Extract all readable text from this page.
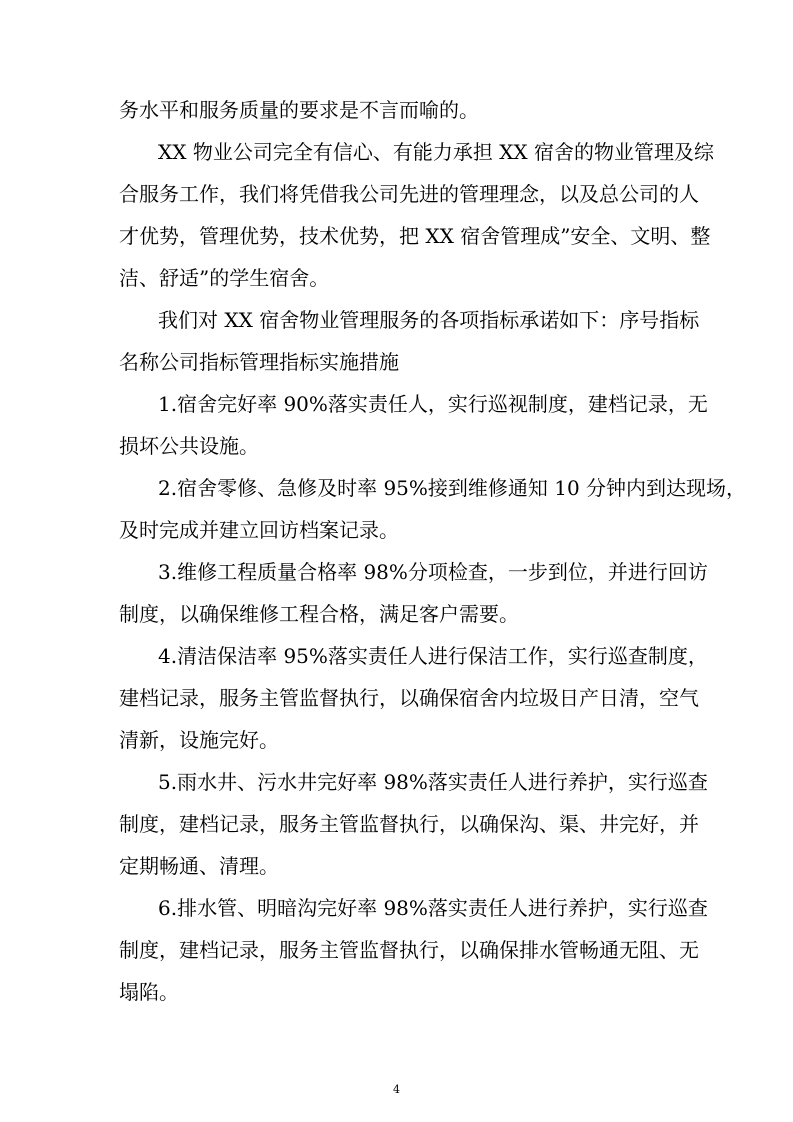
务水平和服务质量的要求是不言而喻的。

XX 物业公司完全有信心、有能力承担 XX 宿舍的物业管理及综

合服务工作，我们将凭借我公司先进的管理理念，以及总公司的人

才优势，管理优势，技术优势，把 XX 宿舍管理成”安全、文明、整

洁、舒适”的学生宿舍。

我们对 XX 宿舍物业管理服务的各项指标承诺如下：序号指标

名称公司指标管理指标实施措施

1.宿舍完好率 90%落实责任人，实行巡视制度，建档记录，无

损坏公共设施。

2.宿舍零修、急修及时率 95%接到维修通知 10 分钟内到达现场，

及时完成并建立回访档案记录。

3.维修工程质量合格率 98%分项检查，一步到位，并进行回访

制度，以确保维修工程合格，满足客户需要。

4.清洁保洁率 95%落实责任人进行保洁工作，实行巡查制度，

建档记录，服务主管监督执行，以确保宿舍内垃圾日产日清，空气

清新，设施完好。

5.雨水井、污水井完好率 98%落实责任人进行养护，实行巡查

制度，建档记录，服务主管监督执行，以确保沟、渠、井完好，并

定期畅通、清理。

6.排水管、明暗沟完好率 98%落实责任人进行养护，实行巡查

制度，建档记录，服务主管监督执行，以确保排水管畅通无阻、无

塌陷。

4
